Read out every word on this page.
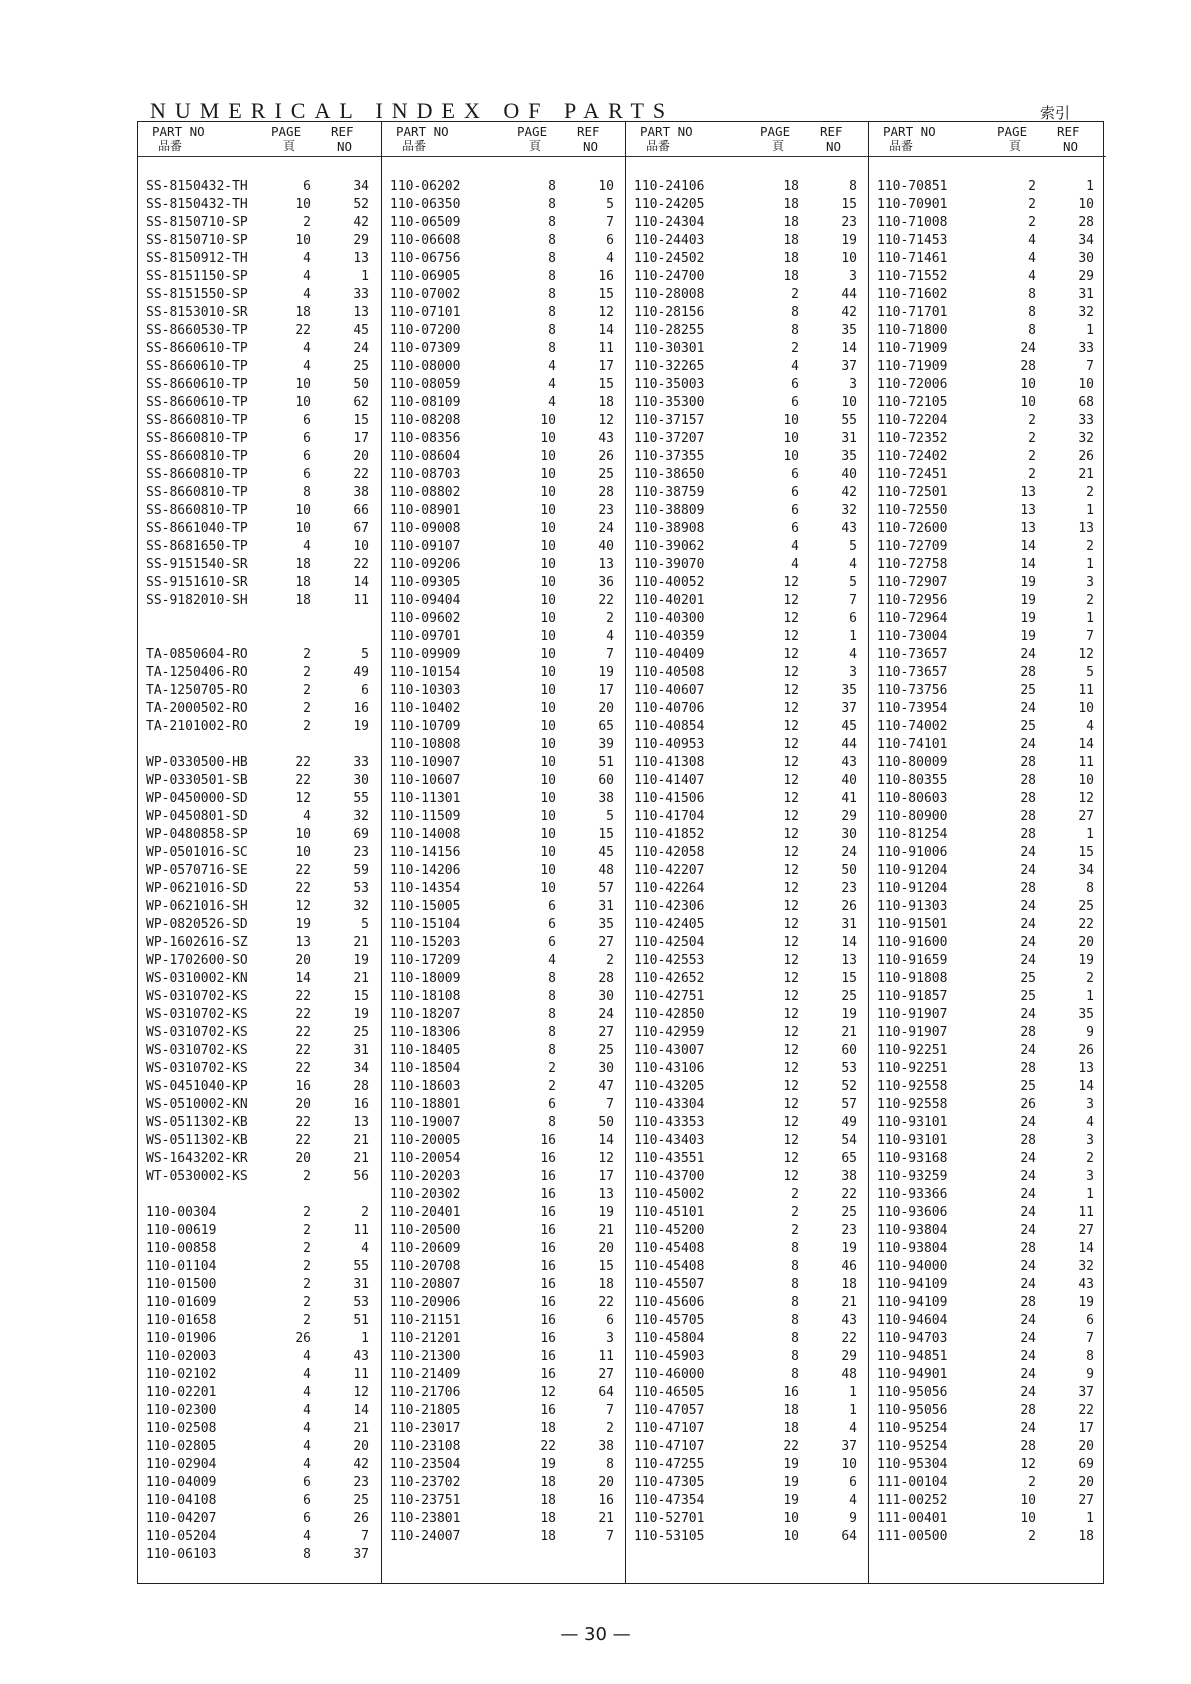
NUMERICAL INDEX OF PARTS	索引
PART NO
品番
PAGE
頁
REF
NO
SS-8150432-TH	6	34
SS-8150432-TH	10	52
SS-8150710-SP	2	42
SS-8150710-SP	10	29
SS-8150912-TH	4	13
SS-8151150-SP	4	1
SS-8151550-SP	4	33
SS-8153010-SR	18	13
SS-8660530-TP	22	45
SS-8660610-TP	4	24
SS-8660610-TP	4	25
SS-8660610-TP	10	50
SS-8660610-TP	10	62
SS-8660810-TP	6	15
SS-8660810-TP	6	17
SS-8660810-TP	6	20
SS-8660810-TP	6	22
SS-8660810-TP	8	38
SS-8660810-TP	10	66
SS-8661040-TP	10	67
SS-8681650-TP	4	10
SS-9151540-SR	18	22
SS-9151610-SR	18	14
SS-9182010-SH	18	11
TA-0850604-RO	2	5
TA-1250406-RO	2	49
TA-1250705-RO	2	6
TA-2000502-RO	2	16
TA-2101002-RO	2	19
WP-0330500-HB	22	33
WP-0330501-SB	22	30
WP-0450000-SD	12	55
WP-0450801-SD	4	32
WP-0480858-SP	10	69
WP-0501016-SC	10	23
WP-0570716-SE	22	59
WP-0621016-SD	22	53
WP-0621016-SH	12	32
WP-0820526-SD	19	5
WP-1602616-SZ	13	21
WP-1702600-SO	20	19
WS-0310002-KN	14	21
WS-0310702-KS	22	15
WS-0310702-KS	22	19
WS-0310702-KS	22	25
WS-0310702-KS	22	31
WS-0310702-KS	22	34
WS-0451040-KP	16	28
WS-0510002-KN	20	16
WS-0511302-KB	22	13
WS-0511302-KB	22	21
WS-1643202-KR	20	21
WT-0530002-KS	2	56
110-00304	2	2
110-00619	2	11
110-00858	2	4
110-01104	2	55
110-01500	2	31
110-01609	2	53
110-01658	2	51
110-01906	26	1
110-02003	4	43
110-02102	4	11
110-02201	4	12
110-02300	4	14
110-02508	4	21
110-02805	4	20
110-02904	4	42
110-04009	6	23
110-04108	6	25
110-04207	6	26
110-05204	4	7
110-06103	8	37
PART NO
品番
PAGE
頁
REF
NO
110-06202	8	10
110-06350	8	5
110-06509	8	7
110-06608	8	6
110-06756	8	4
110-06905	8	16
110-07002	8	15
110-07101	8	12
110-07200	8	14
110-07309	8	11
110-08000	4	17
110-08059	4	15
110-08109	4	18
110-08208	10	12
110-08356	10	43
110-08604	10	26
110-08703	10	25
110-08802	10	28
110-08901	10	23
110-09008	10	24
110-09107	10	40
110-09206	10	13
110-09305	10	36
110-09404	10	22
110-09602	10	2
110-09701	10	4
110-09909	10	7
110-10154	10	19
110-10303	10	17
110-10402	10	20
110-10709	10	65
110-10808	10	39
110-10907	10	51
110-10607	10	60
110-11301	10	38
110-11509	10	5
110-14008	10	15
110-14156	10	45
110-14206	10	48
110-14354	10	57
110-15005	6	31
110-15104	6	35
110-15203	6	27
110-17209	4	2
110-18009	8	28
110-18108	8	30
110-18207	8	24
110-18306	8	27
110-18405	8	25
110-18504	2	30
110-18603	2	47
110-18801	6	7
110-19007	8	50
110-20005	16	14
110-20054	16	12
110-20203	16	17
110-20302	16	13
110-20401	16	19
110-20500	16	21
110-20609	16	20
110-20708	16	15
110-20807	16	18
110-20906	16	22
110-21151	16	6
110-21201	16	3
110-21300	16	11
110-21409	16	27
110-21706	12	64
110-21805	16	7
110-23017	18	2
110-23108	22	38
110-23504	19	8
110-23702	18	20
110-23751	18	16
110-23801	18	21
110-24007	18	7
PART NO
品番
PAGE
頁
REF
NO
110-24106	18	8
110-24205	18	15
110-24304	18	23
110-24403	18	19
110-24502	18	10
110-24700	18	3
110-28008	2	44
110-28156	8	42
110-28255	8	35
110-30301	2	14
110-32265	4	37
110-35003	6	3
110-35300	6	10
110-37157	10	55
110-37207	10	31
110-37355	10	35
110-38650	6	40
110-38759	6	42
110-38809	6	32
110-38908	6	43
110-39062	4	5
110-39070	4	4
110-40052	12	5
110-40201	12	7
110-40300	12	6
110-40359	12	1
110-40409	12	4
110-40508	12	3
110-40607	12	35
110-40706	12	37
110-40854	12	45
110-40953	12	44
110-41308	12	43
110-41407	12	40
110-41506	12	41
110-41704	12	29
110-41852	12	30
110-42058	12	24
110-42207	12	50
110-42264	12	23
110-42306	12	26
110-42405	12	31
110-42504	12	14
110-42553	12	13
110-42652	12	15
110-42751	12	25
110-42850	12	19
110-42959	12	21
110-43007	12	60
110-43106	12	53
110-43205	12	52
110-43304	12	57
110-43353	12	49
110-43403	12	54
110-43551	12	65
110-43700	12	38
110-45002	2	22
110-45101	2	25
110-45200	2	23
110-45408	8	19
110-45408	8	46
110-45507	8	18
110-45606	8	21
110-45705	8	43
110-45804	8	22
110-45903	8	29
110-46000	8	48
110-46505	16	1
110-47057	18	1
110-47107	18	4
110-47107	22	37
110-47255	19	10
110-47305	19	6
110-47354	19	4
110-52701	10	9
110-53105	10	64
PART NO
品番
PAGE
頁
REF
NO
110-70851	2	1
110-70901	2	10
110-71008	2	28
110-71453	4	34
110-71461	4	30
110-71552	4	29
110-71602	8	31
110-71701	8	32
110-71800	8	1
110-71909	24	33
110-71909	28	7
110-72006	10	10
110-72105	10	68
110-72204	2	33
110-72352	2	32
110-72402	2	26
110-72451	2	21
110-72501	13	2
110-72550	13	1
110-72600	13	13
110-72709	14	2
110-72758	14	1
110-72907	19	3
110-72956	19	2
110-72964	19	1
110-73004	19	7
110-73657	24	12
110-73657	28	5
110-73756	25	11
110-73954	24	10
110-74002	25	4
110-74101	24	14
110-80009	28	11
110-80355	28	10
110-80603	28	12
110-80900	28	27
110-81254	28	1
110-91006	24	15
110-91204	24	34
110-91204	28	8
110-91303	24	25
110-91501	24	22
110-91600	24	20
110-91659	24	19
110-91808	25	2
110-91857	25	1
110-91907	24	35
110-91907	28	9
110-92251	24	26
110-92251	28	13
110-92558	25	14
110-92558	26	3
110-93101	24	4
110-93101	28	3
110-93168	24	2
110-93259	24	3
110-93366	24	1
110-93606	24	11
110-93804	24	27
110-93804	28	14
110-94000	24	32
110-94109	24	43
110-94109	28	19
110-94604	24	6
110-94703	24	7
110-94851	24	8
110-94901	24	9
110-95056	24	37
110-95056	28	22
110-95254	24	17
110-95254	28	20
110-95304	12	69
111-00104	2	20
111-00252	10	27
111-00401	10	1
111-00500	2	18
— 30 —
